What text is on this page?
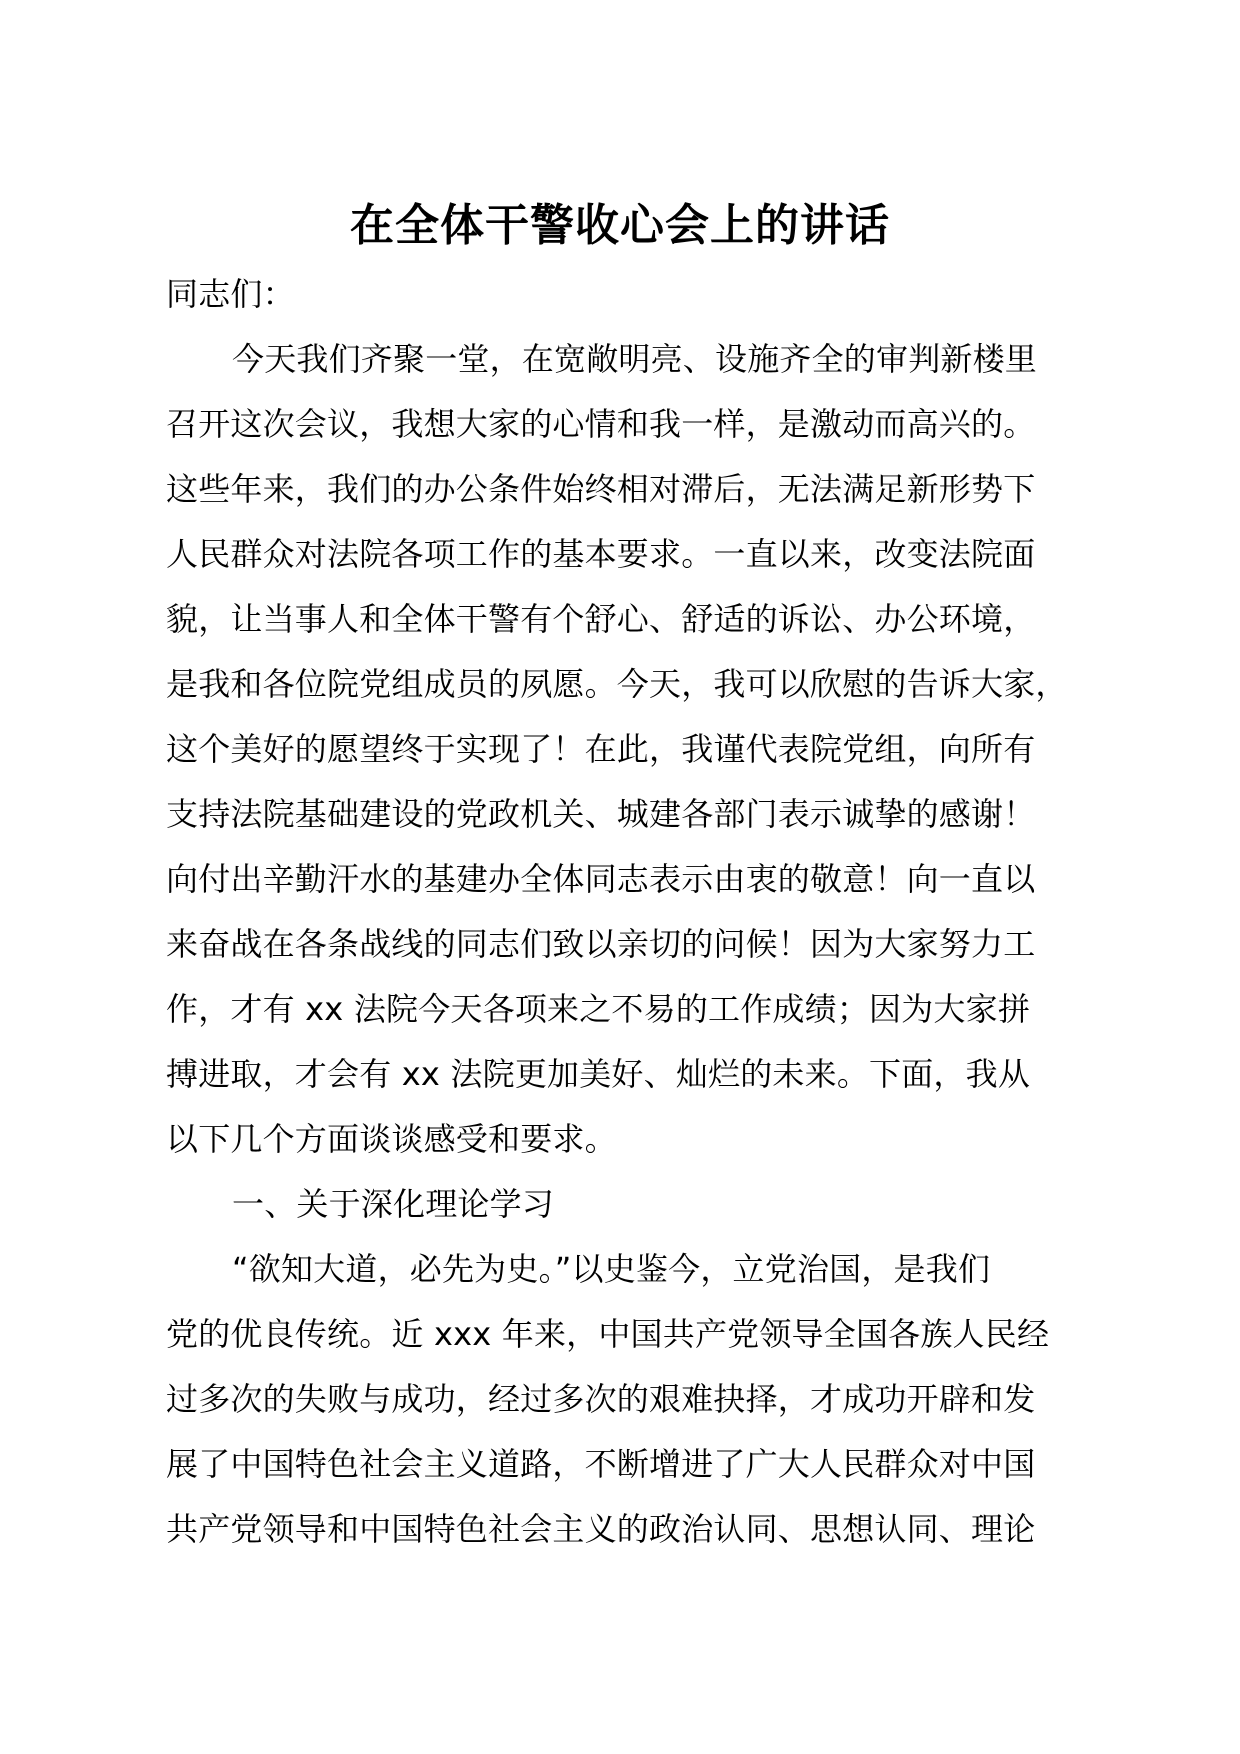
在全体干警收心会上的讲话
同志们：
今天我们齐聚一堂，在宽敞明亮、设施齐全的审判新楼里
召开这次会议，我想大家的心情和我一样，是激动而高兴的。
这些年来，我们的办公条件始终相对滞后，无法满足新形势下
人民群众对法院各项工作的基本要求。一直以来，改变法院面
貌，让当事人和全体干警有个舒心、舒适的诉讼、办公环境，
是我和各位院党组成员的夙愿。今天，我可以欣慰的告诉大家，
这个美好的愿望终于实现了！在此，我谨代表院党组，向所有
支持法院基础建设的党政机关、城建各部门表示诚挚的感谢！
向付出辛勤汗水的基建办全体同志表示由衷的敬意！向一直以
来奋战在各条战线的同志们致以亲切的问候！因为大家努力工
作，才有 xx 法院今天各项来之不易的工作成绩；因为大家拼
搏进取，才会有 xx 法院更加美好、灿烂的未来。下面，我从
以下几个方面谈谈感受和要求。
一、关于深化理论学习
“欲知大道，必先为史。”以史鉴今，立党治国，是我们
党的优良传统。近 xxx 年来，中国共产党领导全国各族人民经
过多次的失败与成功，经过多次的艰难抉择，才成功开辟和发
展了中国特色社会主义道路，不断增进了广大人民群众对中国
共产党领导和中国特色社会主义的政治认同、思想认同、理论
